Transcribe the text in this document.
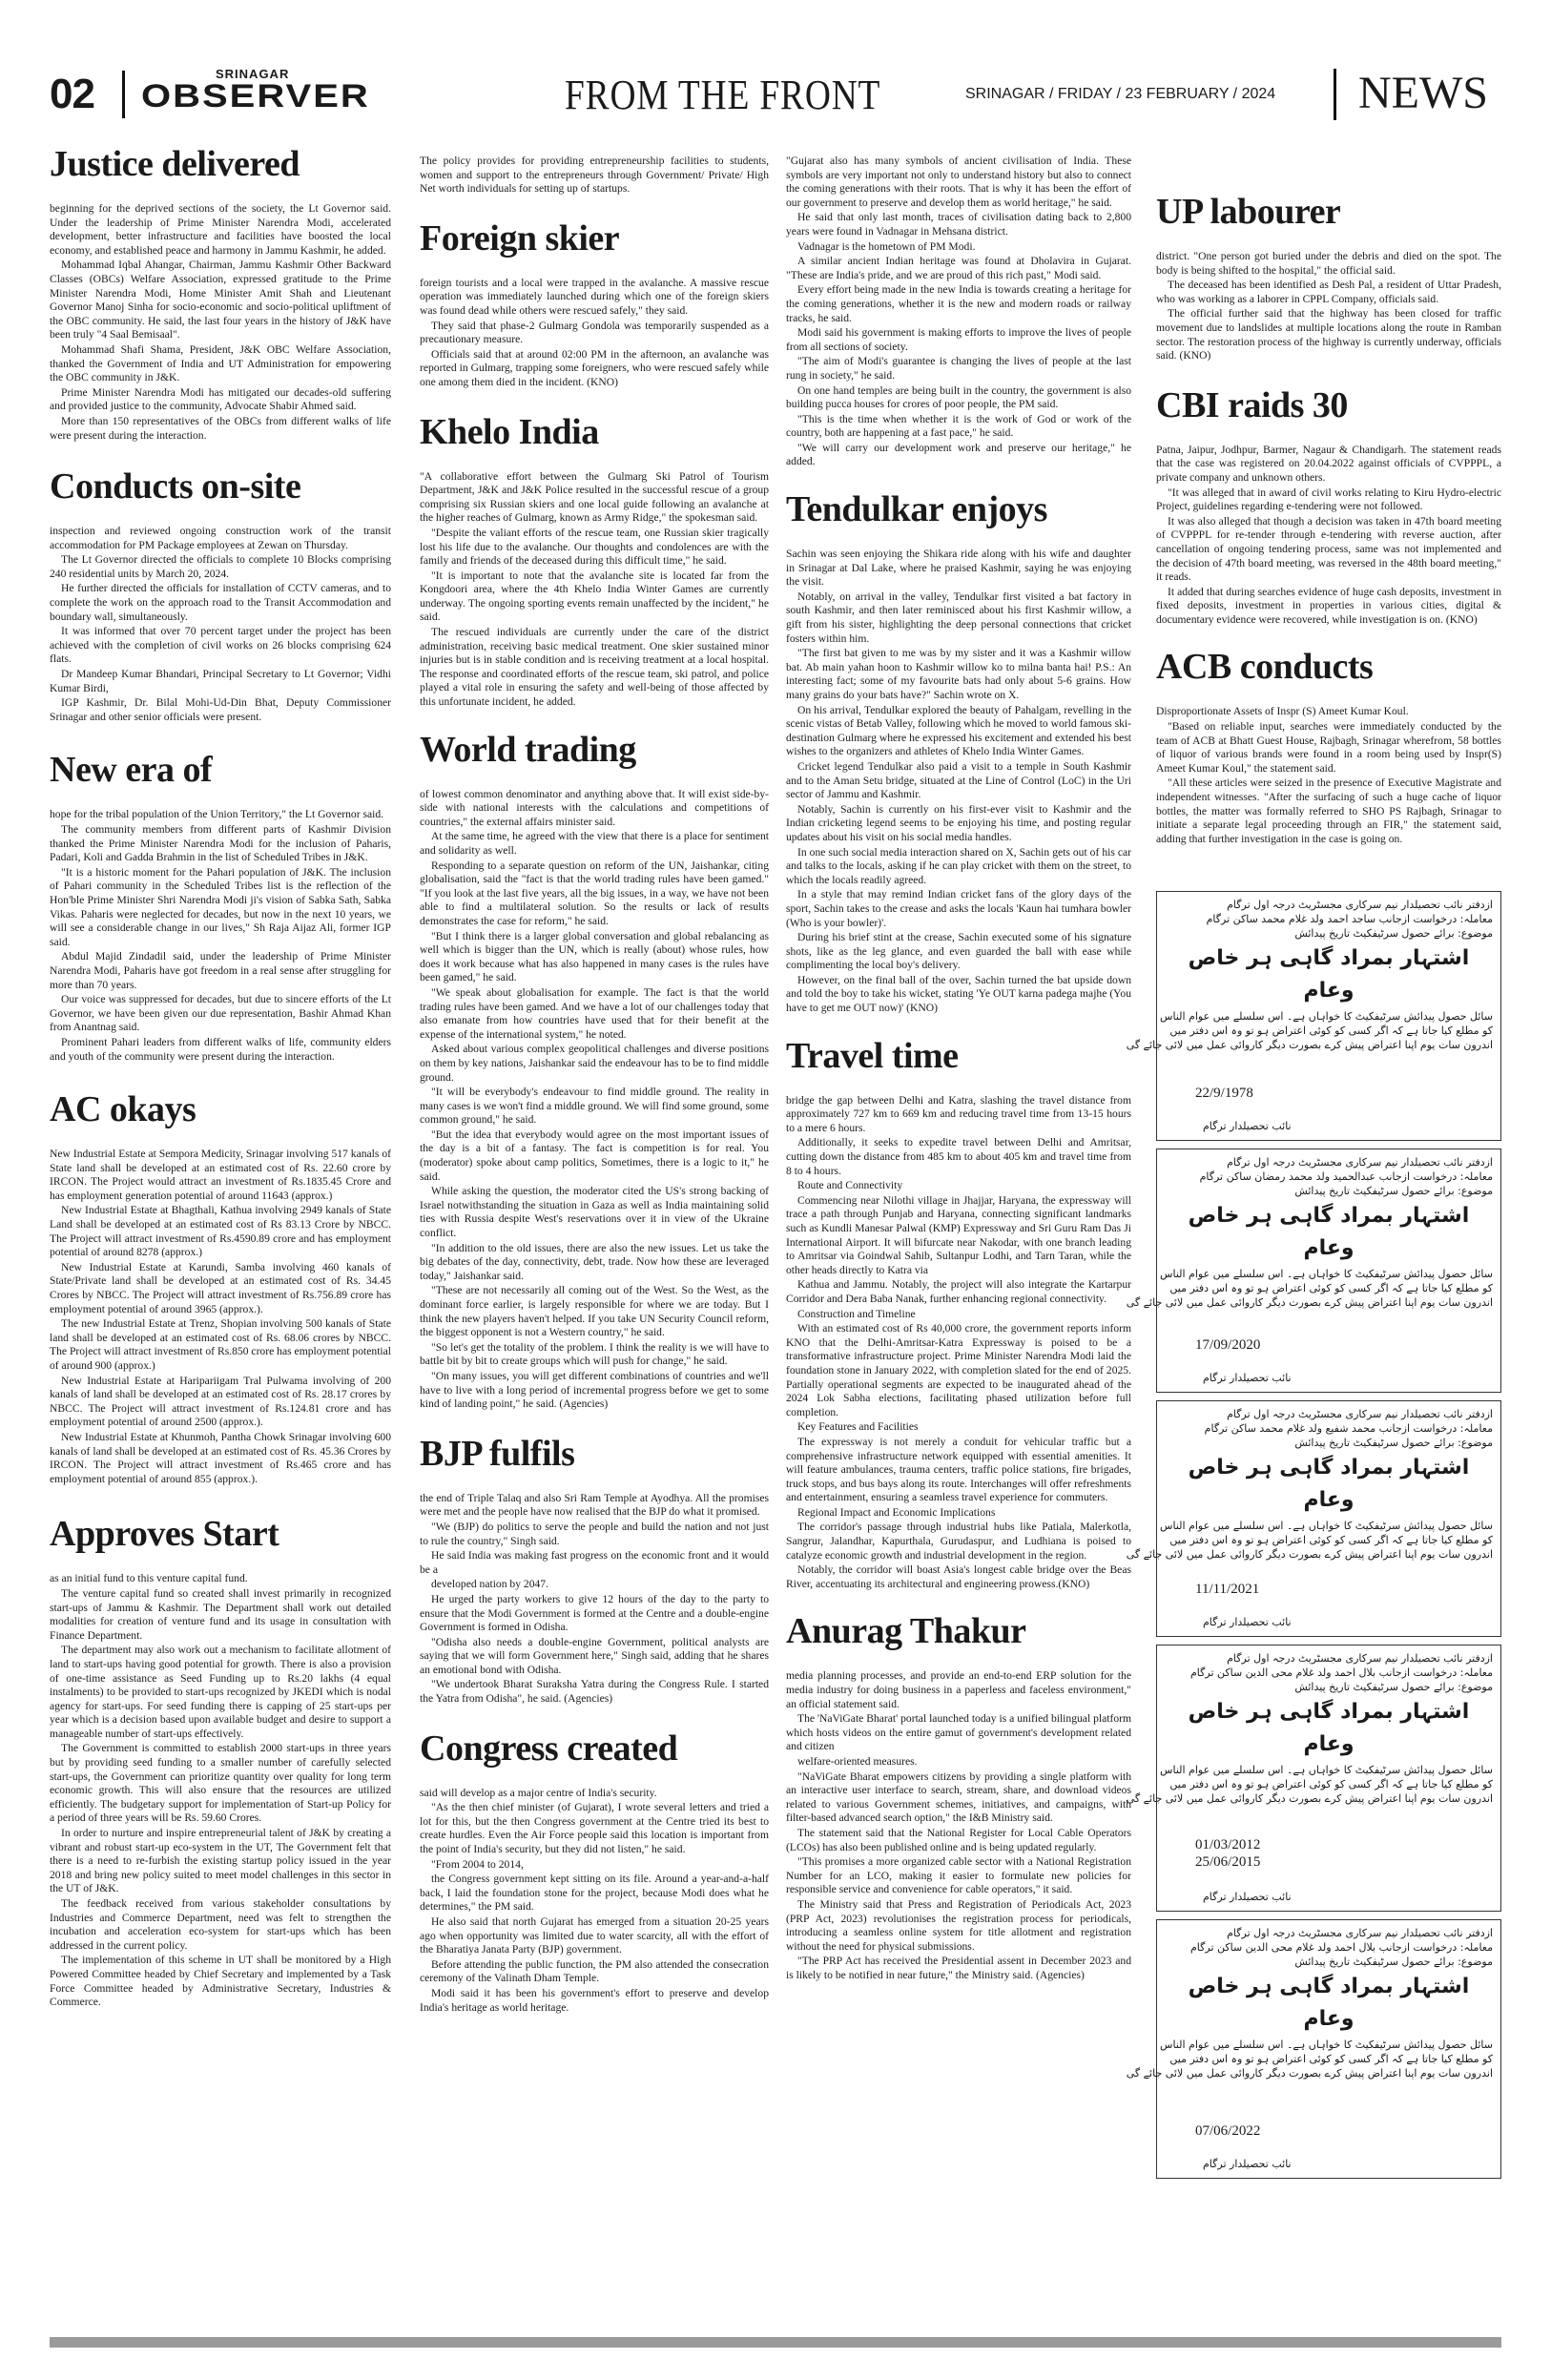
02	SRINAGAR
OBSERVER	FROM THE FRONT	SRINAGAR / FRIDAY / 23 FEBRUARY / 2024 NEWS
Justice delivered

beginning for the deprived sections of the society, the Lt Governor said. Under the leadership of Prime Minister Narendra Modi, accelerated development, better infrastructure and facilities have boosted the local economy, and established peace and harmony in Jammu Kashmir, he added.

Mohammad Iqbal Ahangar, Chairman, Jammu Kashmir Other Backward Classes (OBCs) Welfare Association, expressed gratitude to the Prime Minister Narendra Modi, Home Minister Amit Shah and Lieutenant Governor Manoj Sinha for socio-economic and socio-political upliftment of the OBC community. He said, the last four years in the history of J&K have been truly "4 Saal Bemisaal".

Mohammad Shafi Shama, President, J&K OBC Welfare Association, thanked the Government of India and UT Administration for empowering the OBC community in J&K.

Prime Minister Narendra Modi has mitigated our decades-old suffering and provided justice to the community, Advocate Shabir Ahmed said.

More than 150 representatives of the OBCs from different walks of life were present during the interaction.

Conducts on-site

inspection and reviewed ongoing construction work of the transit accommodation for PM Package employees at Zewan on Thursday.

The Lt Governor directed the officials to complete 10 Blocks comprising 240 residential units by March 20, 2024.

He further directed the officials for installation of CCTV cameras, and to complete the work on the approach road to the Transit Accommodation and boundary wall, simultaneously.

It was informed that over 70 percent target under the project has been achieved with the completion of civil works on 26 blocks comprising 624 flats.

Dr Mandeep Kumar Bhandari, Principal Secretary to Lt Governor; Vidhi Kumar Birdi,

IGP Kashmir, Dr. Bilal Mohi-Ud-Din Bhat, Deputy Commissioner Srinagar and other senior officials were present.

New era of

hope for the tribal population of the Union Territory," the Lt Governor said.

The community members from different parts of Kashmir Division thanked the Prime Minister Narendra Modi for the inclusion of Paharis, Padari, Koli and Gadda Brahmin in the list of Scheduled Tribes in J&K.

"It is a historic moment for the Pahari population of J&K. The inclusion of Pahari community in the Scheduled Tribes list is the reflection of the Hon'ble Prime Minister Shri Narendra Modi ji's vision of Sabka Sath, Sabka Vikas. Paharis were neglected for decades, but now in the next 10 years, we will see a considerable change in our lives," Sh Raja Aijaz Ali, former IGP said.

Abdul Majid Zindadil said, under the leadership of Prime Minister Narendra Modi, Paharis have got freedom in a real sense after struggling for more than 70 years.

Our voice was suppressed for decades, but due to sincere efforts of the Lt Governor, we have been given our due representation, Bashir Ahmad Khan from Anantnag said.

Prominent Pahari leaders from different walks of life, community elders and youth of the community were present during the interaction.

AC okays

New Industrial Estate at Sempora Medicity, Srinagar involving 517 kanals of State land shall be developed at an estimated cost of Rs. 22.60 crore by IRCON. The Project would attract an investment of Rs.1835.45 Crore and has employment generation potential of around 11643 (approx.)

New Industrial Estate at Bhagthali, Kathua involving 2949 kanals of State Land shall be developed at an estimated cost of Rs 83.13 Crore by NBCC. The Project will attract investment of Rs.4590.89 crore and has employment potential of around 8278 (approx.)

New Industrial Estate at Karundi, Samba involving 460 kanals of State/Private land shall be developed at an estimated cost of Rs. 34.45 Crores by NBCC. The Project will attract investment of Rs.756.89 crore has employment potential of around 3965 (approx.).

The new Industrial Estate at Trenz, Shopian involving 500 kanals of State land shall be developed at an estimated cost of Rs. 68.06 crores by NBCC. The Project will attract investment of Rs.850 crore has employment potential of around 900 (approx.)

New Industrial Estate at Haripariigam Tral Pulwama involving of 200 kanals of land shall be developed at an estimated cost of Rs. 28.17 crores by NBCC. The Project will attract investment of Rs.124.81 crore and has employment potential of around 2500 (approx.).

New Industrial Estate at Khunmoh, Pantha Chowk Srinagar involving 600 kanals of land shall be developed at an estimated cost of Rs. 45.36 Crores by IRCON. The Project will attract investment of Rs.465 crore and has employment potential of around 855 (approx.).

Approves Start

as an initial fund to this venture capital fund.

The venture capital fund so created shall invest primarily in recognized start-ups of Jammu & Kashmir. The Department shall work out detailed modalities for creation of venture fund and its usage in consultation with Finance Department.

The department may also work out a mechanism to facilitate allotment of land to start-ups having good potential for growth. There is also a provision of one-time assistance as Seed Funding up to Rs.20 lakhs (4 equal instalments) to be provided to start-ups recognized by JKEDI which is nodal agency for start-ups. For seed funding there is capping of 25 start-ups per year which is a decision based upon available budget and desire to support a manageable number of start-ups effectively.

The Government is committed to establish 2000 start-ups in three years but by providing seed funding to a smaller number of carefully selected start-ups, the Government can prioritize quantity over quality for long term economic growth. This will also ensure that the resources are utilized efficiently. The budgetary support for implementation of Start-up Policy for a period of three years will be Rs. 59.60 Crores.

In order to nurture and inspire entrepreneurial talent of J&K by creating a vibrant and robust start-up eco-system in the UT, The Government felt that there is a need to re-furbish the existing startup policy issued in the year 2018 and bring new policy suited to meet model challenges in this sector in the UT of J&K.

The feedback received from various stakeholder consultations by Industries and Commerce Department, need was felt to strengthen the incubation and acceleration eco-system for start-ups which has been addressed in the current policy.

The implementation of this scheme in UT shall be monitored by a High Powered Committee headed by Chief Secretary and implemented by a Task Force Committee headed by Administrative Secretary, Industries & Commerce.

The policy provides for providing entrepreneurship facilities to students, women and support to the entrepreneurs through Government/ Private/ High Net worth individuals for setting up of startups.

Foreign skier

foreign tourists and a local were trapped in the avalanche. A massive rescue operation was immediately launched during which one of the foreign skiers was found dead while others were rescued safely," they said.

They said that phase-2 Gulmarg Gondola was temporarily suspended as a precautionary measure.

Officials said that at around 02:00 PM in the afternoon, an avalanche was reported in Gulmarg, trapping some foreigners, who were rescued safely while one among them died in the incident. (KNO)

Khelo India

"A collaborative effort between the Gulmarg Ski Patrol of Tourism Department, J&K and J&K Police resulted in the successful rescue of a group comprising six Russian skiers and one local guide following an avalanche at the higher reaches of Gulmarg, known as Army Ridge," the spokesman said.

"Despite the valiant efforts of the rescue team, one Russian skier tragically lost his life due to the avalanche. Our thoughts and condolences are with the family and friends of the deceased during this difficult time," he said.

"It is important to note that the avalanche site is located far from the Kongdoori area, where the 4th Khelo India Winter Games are currently underway. The ongoing sporting events remain unaffected by the incident," he said.

The rescued individuals are currently under the care of the district administration, receiving basic medical treatment. One skier sustained minor injuries but is in stable condition and is receiving treatment at a local hospital. The response and coordinated efforts of the rescue team, ski patrol, and police played a vital role in ensuring the safety and well-being of those affected by this unfortunate incident, he added.

World trading

of lowest common denominator and anything above that. It will exist side-by-side with national interests with the calculations and competitions of countries," the external affairs minister said.

At the same time, he agreed with the view that there is a place for sentiment and solidarity as well.

Responding to a separate question on reform of the UN, Jaishankar, citing globalisation, said the "fact is that the world trading rules have been gamed." "If you look at the last five years, all the big issues, in a way, we have not been able to find a multilateral solution. So the results or lack of results demonstrates the case for reform," he said.

"But I think there is a larger global conversation and global rebalancing as well which is bigger than the UN, which is really (about) whose rules, how does it work because what has also happened in many cases is the rules have been gamed," he said.

"We speak about globalisation for example. The fact is that the world trading rules have been gamed. And we have a lot of our challenges today that also emanate from how countries have used that for their benefit at the expense of the international system," he noted.

Asked about various complex geopolitical challenges and diverse positions on them by key nations, Jaishankar said the endeavour has to be to find middle ground.

"It will be everybody's endeavour to find middle ground. The reality in many cases is we won't find a middle ground. We will find some ground, some common ground," he said.

"But the idea that everybody would agree on the most important issues of the day is a bit of a fantasy. The fact is competition is for real. You (moderator) spoke about camp politics, Sometimes, there is a logic to it," he said.

While asking the question, the moderator cited the US's strong backing of Israel notwithstanding the situation in Gaza as well as India maintaining solid ties with Russia despite West's reservations over it in view of the Ukraine conflict.

"In addition to the old issues, there are also the new issues. Let us take the big debates of the day, connectivity, debt, trade. Now how these are leveraged today," Jaishankar said.

"These are not necessarily all coming out of the West. So the West, as the dominant force earlier, is largely responsible for where we are today. But I think the new players haven't helped. If you take UN Security Council reform, the biggest opponent is not a Western country," he said.

"So let's get the totality of the problem. I think the reality is we will have to battle bit by bit to create groups which will push for change," he said.

"On many issues, you will get different combinations of countries and we'll have to live with a long period of incremental progress before we get to some kind of landing point," he said. (Agencies)

BJP fulfils

the end of Triple Talaq and also Sri Ram Temple at Ayodhya. All the promises were met and the people have now realised that the BJP do what it promised.

"We (BJP) do politics to serve the people and build the nation and not just to rule the country," Singh said.

He said India was making fast progress on the economic front and it would be a

developed nation by 2047.

He urged the party workers to give 12 hours of the day to the party to ensure that the Modi Government is formed at the Centre and a double-engine Government is formed in Odisha.

"Odisha also needs a double-engine Government, political analysts are saying that we will form Government here," Singh said, adding that he shares an emotional bond with Odisha.

"We undertook Bharat Suraksha Yatra during the Congress Rule. I started the Yatra from Odisha", he said. (Agencies)

Congress created

said will develop as a major centre of India's security.

"As the then chief minister (of Gujarat), I wrote several letters and tried a lot for this, but the then Congress government at the Centre tried its best to create hurdles. Even the Air Force people said this location is important from the point of India's security, but they did not listen," he said.

"From 2004 to 2014,

the Congress government kept sitting on its file. Around a year-and-a-half back, I laid the foundation stone for the project, because Modi does what he determines," the PM said.

He also said that north Gujarat has emerged from a situation 20-25 years ago when opportunity was limited due to water scarcity, all with the effort of the Bharatiya Janata Party (BJP) government.

Before attending the public function, the PM also attended the consecration ceremony of the Valinath Dham Temple.

Modi said it has been his government's effort to preserve and develop India's heritage as world heritage.

"Gujarat also has many symbols of ancient civilisation of India. These symbols are very important not only to understand history but also to connect the coming generations with their roots. That is why it has been the effort of our government to preserve and develop them as world heritage," he said.

He said that only last month, traces of civilisation dating back to 2,800 years were found in Vadnagar in Mehsana district.

Vadnagar is the hometown of PM Modi.

A similar ancient Indian heritage was found at Dholavira in Gujarat. "These are India's pride, and we are proud of this rich past," Modi said.

Every effort being made in the new India is towards creating a heritage for the coming generations, whether it is the new and modern roads or railway tracks, he said.

Modi said his government is making efforts to improve the lives of people from all sections of society.

"The aim of Modi's guarantee is changing the lives of people at the last rung in society," he said.

On one hand temples are being built in the country, the government is also building pucca houses for crores of poor people, the PM said.

"This is the time when whether it is the work of God or work of the country, both are happening at a fast pace," he said.

"We will carry our development work and preserve our heritage," he added.

Tendulkar enjoys

Sachin was seen enjoying the Shikara ride along with his wife and daughter in Srinagar at Dal Lake, where he praised Kashmir, saying he was enjoying the visit.

Notably, on arrival in the valley, Tendulkar first visited a bat factory in south Kashmir, and then later reminisced about his first Kashmir willow, a gift from his sister, highlighting the deep personal connections that cricket fosters within him.

"The first bat given to me was by my sister and it was a Kashmir willow bat. Ab main yahan hoon to Kashmir willow ko to milna banta hai! P.S.: An interesting fact; some of my favourite bats had only about 5-6 grains. How many grains do your bats have?" Sachin wrote on X.

On his arrival, Tendulkar explored the beauty of Pahalgam, revelling in the scenic vistas of Betab Valley, following which he moved to world famous ski-destination Gulmarg where he expressed his excitement and extended his best wishes to the organizers and athletes of Khelo India Winter Games.

Cricket legend Tendulkar also paid a visit to a temple in South Kashmir and to the Aman Setu bridge, situated at the Line of Control (LoC) in the Uri sector of Jammu and Kashmir.

Notably, Sachin is currently on his first-ever visit to Kashmir and the Indian cricketing legend seems to be enjoying his time, and posting regular updates about his visit on his social media handles.

In one such social media interaction shared on X, Sachin gets out of his car and talks to the locals, asking if he can play cricket with them on the street, to which the locals readily agreed.

In a style that may remind Indian cricket fans of the glory days of the sport, Sachin takes to the crease and asks the locals 'Kaun hai tumhara bowler (Who is your bowler)'.

During his brief stint at the crease, Sachin executed some of his signature shots, like as the leg glance, and even guarded the ball with ease while complimenting the local boy's delivery.

However, on the final ball of the over, Sachin turned the bat upside down and told the boy to take his wicket, stating 'Ye OUT karna padega majhe (You have to get me OUT now)' (KNO)

Travel time

bridge the gap between Delhi and Katra, slashing the travel distance from approximately 727 km to 669 km and reducing travel time from 13-15 hours to a mere 6 hours.

Additionally, it seeks to expedite travel between Delhi and Amritsar, cutting down the distance from 485 km to about 405 km and travel time from 8 to 4 hours.

Route and Connectivity

Commencing near Nilothi village in Jhajjar, Haryana, the expressway will trace a path through Punjab and Haryana, connecting significant landmarks such as Kundli Manesar Palwal (KMP) Expressway and Sri Guru Ram Das Ji International Airport. It will bifurcate near Nakodar, with one branch leading to Amritsar via Goindwal Sahib, Sultanpur Lodhi, and Tarn Taran, while the other heads directly to Katra via

Kathua and Jammu. Notably, the project will also integrate the Kartarpur Corridor and Dera Baba Nanak, further enhancing regional connectivity.

Construction and Timeline

With an estimated cost of Rs 40,000 crore, the government reports inform KNO that the Delhi-Amritsar-Katra Expressway is poised to be a transformative infrastructure project. Prime Minister Narendra Modi laid the foundation stone in January 2022, with completion slated for the end of 2025. Partially operational segments are expected to be inaugurated ahead of the 2024 Lok Sabha elections, facilitating phased utilization before full completion.

Key Features and Facilities

The expressway is not merely a conduit for vehicular traffic but a comprehensive infrastructure network equipped with essential amenities. It will feature ambulances, trauma centers, traffic police stations, fire brigades, truck stops, and bus bays along its route. Interchanges will offer refreshments and entertainment, ensuring a seamless travel experience for commuters.

Regional Impact and Economic Implications

The corridor's passage through industrial hubs like Patiala, Malerkotla, Sangrur, Jalandhar, Kapurthala, Gurudaspur, and Ludhiana is poised to catalyze economic growth and industrial development in the region.

Notably, the corridor will boast Asia's longest cable bridge over the Beas River, accentuating its architectural and engineering prowess.(KNO)

Anurag Thakur

media planning processes, and provide an end-to-end ERP solution for the media industry for doing business in a paperless and faceless environment," an official statement said.

The 'NaViGate Bharat' portal launched today is a unified bilingual platform which hosts videos on the entire gamut of government's development related and citizen

welfare-oriented measures.

"NaViGate Bharat empowers citizens by providing a single platform with an interactive user interface to search, stream, share, and download videos related to various Government schemes, initiatives, and campaigns, with filter-based advanced search option," the I&B Ministry said.

The statement said that the National Register for Local Cable Operators (LCOs) has also been published online and is being updated regularly.

"This promises a more organized cable sector with a National Registration Number for an LCO, making it easier to formulate new policies for responsible service and convenience for cable operators," it said.

The Ministry said that Press and Registration of Periodicals Act, 2023 (PRP Act, 2023) revolutionises the registration process for periodicals, introducing a seamless online system for title allotment and registration without the need for physical submissions.

"The PRP Act has received the Presidential assent in December 2023 and is likely to be notified in near future," the Ministry said. (Agencies)

UP labourer

district. "One person got buried under the debris and died on the spot. The body is being shifted to the hospital," the official said.

The deceased has been identified as Desh Pal, a resident of Uttar Pradesh, who was working as a laborer in CPPL Company, officials said.

The official further said that the highway has been closed for traffic movement due to landslides at multiple locations along the route in Ramban sector. The restoration process of the highway is currently underway, officials said. (KNO)

CBI raids 30

Patna, Jaipur, Jodhpur, Barmer, Nagaur & Chandigarh. The statement reads that the case was registered on 20.04.2022 against officials of CVPPPL, a private company and unknown others.

"It was alleged that in award of civil works relating to Kiru Hydro-electric Project, guidelines regarding e-tendering were not followed.

It was also alleged that though a decision was taken in 47th board meeting of CVPPPL for re-tender through e-tendering with reverse auction, after cancellation of ongoing tendering process, same was not implemented and the decision of 47th board meeting, was reversed in the 48th board meeting," it reads.

It added that during searches evidence of huge cash deposits, investment in fixed deposits, investment in properties in various cities, digital & documentary evidence were recovered, while investigation is on. (KNO)

ACB conducts

Disproportionate Assets of Inspr (S) Ameet Kumar Koul.

"Based on reliable input, searches were immediately conducted by the team of ACB at Bhatt Guest House, Rajbagh, Srinagar wherefrom, 58 bottles of liquor of various brands were found in a room being used by Inspr(S) Ameet Kumar Koul," the statement said.

"All these articles were seized in the presence of Executive Magistrate and independent witnesses. "After the surfacing of such a huge cache of liquor bottles, the matter was formally referred to SHO PS Rajbagh, Srinagar to initiate a separate legal proceeding through an FIR," the statement said, adding that further investigation in the case is going on.

ازدفتر نائب تحصیلدار نیم سرکاری مجسٹریٹ درجہ اول ترگام
معاملہ: درخواست ازجانب ساجد احمد ولد غلام محمد ساکن ترگام
موضوع: برائے حصول سرٹیفکیٹ تاریخ پیدائش
اشتہار بمراد گاہی ہر خاص وعام
سائل حصول پیدائش سرٹیفکیٹ کا خواہاں ہے۔ اس سلسلے میں عوام الناس
کو مطلع کیا جاتا ہے کہ اگر کسی کو کوئی اعتراض ہو تو وہ اس دفتر میں
اندرون سات یوم اپنا اعتراض پیش کرے بصورت دیگر کاروائی عمل میں لائی جائے گی
22/9/1978
نائب تحصیلدار ترگام
ازدفتر نائب تحصیلدار نیم سرکاری مجسٹریٹ درجہ اول ترگام
معاملہ: درخواست ازجانب عبدالحمید ولد محمد رمضان ساکن ترگام
موضوع: برائے حصول سرٹیفکیٹ تاریخ پیدائش
اشتہار بمراد گاہی ہر خاص وعام
سائل حصول پیدائش سرٹیفکیٹ کا خواہاں ہے۔ اس سلسلے میں عوام الناس
کو مطلع کیا جاتا ہے کہ اگر کسی کو کوئی اعتراض ہو تو وہ اس دفتر میں
اندرون سات یوم اپنا اعتراض پیش کرے بصورت دیگر کاروائی عمل میں لائی جائے گی
17/09/2020
نائب تحصیلدار ترگام
ازدفتر نائب تحصیلدار نیم سرکاری مجسٹریٹ درجہ اول ترگام
معاملہ: درخواست ازجانب محمد شفیع ولد غلام محمد ساکن ترگام
موضوع: برائے حصول سرٹیفکیٹ تاریخ پیدائش
اشتہار بمراد گاہی ہر خاص وعام
سائل حصول پیدائش سرٹیفکیٹ کا خواہاں ہے۔ اس سلسلے میں عوام الناس
کو مطلع کیا جاتا ہے کہ اگر کسی کو کوئی اعتراض ہو تو وہ اس دفتر میں
اندرون سات یوم اپنا اعتراض پیش کرے بصورت دیگر کاروائی عمل میں لائی جائے گی
11/11/2021
نائب تحصیلدار ترگام
ازدفتر نائب تحصیلدار نیم سرکاری مجسٹریٹ درجہ اول ترگام
معاملہ: درخواست ازجانب بلال احمد ولد غلام محی الدین ساکن ترگام
موضوع: برائے حصول سرٹیفکیٹ تاریخ پیدائش
اشتہار بمراد گاہی ہر خاص وعام
سائل حصول پیدائش سرٹیفکیٹ کا خواہاں ہے۔ اس سلسلے میں عوام الناس
کو مطلع کیا جاتا ہے کہ اگر کسی کو کوئی اعتراض ہو تو وہ اس دفتر میں
اندرون سات یوم اپنا اعتراض پیش کرے بصورت دیگر کاروائی عمل میں لائی جائے گی
01/03/2012
25/06/2015
نائب تحصیلدار ترگام
ازدفتر نائب تحصیلدار نیم سرکاری مجسٹریٹ درجہ اول ترگام
معاملہ: درخواست ازجانب بلال احمد ولد غلام محی الدین ساکن ترگام
موضوع: برائے حصول سرٹیفکیٹ تاریخ پیدائش
اشتہار بمراد گاہی ہر خاص وعام
سائل حصول پیدائش سرٹیفکیٹ کا خواہاں ہے۔ اس سلسلے میں عوام الناس
کو مطلع کیا جاتا ہے کہ اگر کسی کو کوئی اعتراض ہو تو وہ اس دفتر میں
اندرون سات یوم اپنا اعتراض پیش کرے بصورت دیگر کاروائی عمل میں لائی جائے گی
07/06/2022
نائب تحصیلدار ترگام
